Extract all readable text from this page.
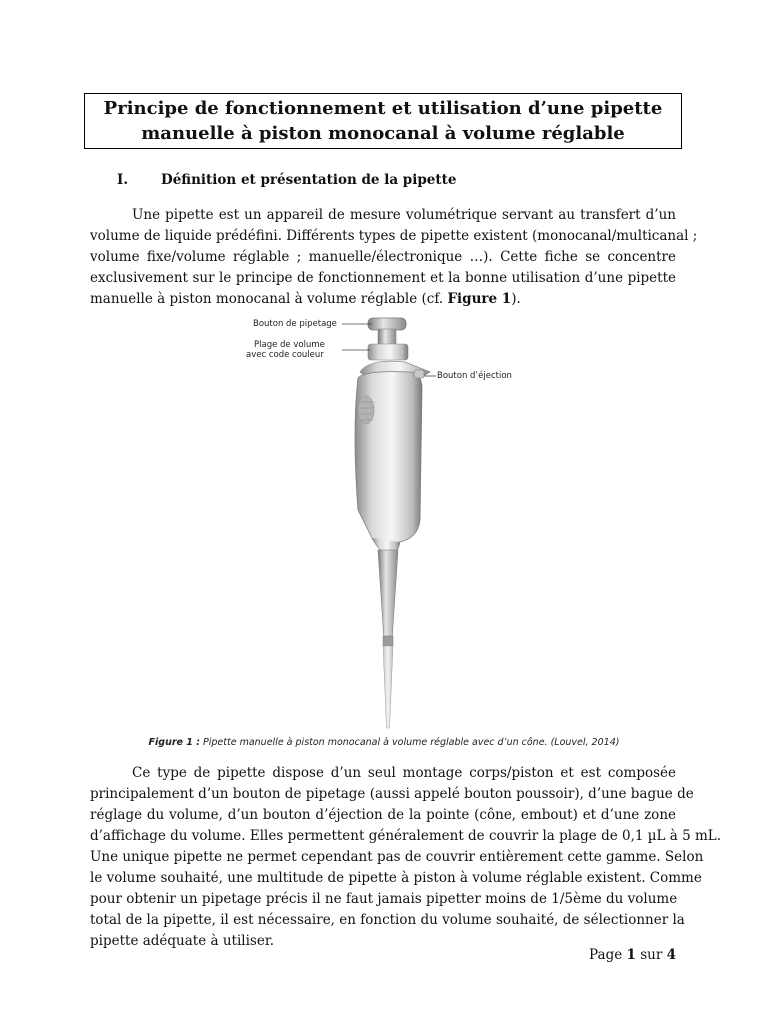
Principe de fonctionnement et utilisation d’une pipette
manuelle à piston monocanal à volume réglable
I. Définition et présentation de la pipette
Une pipette est un appareil de mesure volumétrique servant au transfert d’un
volume de liquide prédéfini. Différents types de pipette existent (monocanal/multicanal ;
volume fixe/volume réglable ; manuelle/électronique …). Cette fiche se concentre
exclusivement sur le principe de fonctionnement et la bonne utilisation d’une pipette
manuelle à piston monocanal à volume réglable (cf. Figure 1).
Bouton de pipetage
Plage de volume
avec code couleur
Bouton d’éjection
Figure 1 : Pipette manuelle à piston monocanal à volume réglable avec d’un cône. (Louvel, 2014)
Ce type de pipette dispose d’un seul montage corps/piston et est composée
principalement d’un bouton de pipetage (aussi appelé bouton poussoir), d’une bague de
réglage du volume, d’un bouton d’éjection de la pointe (cône, embout) et d’une zone
d’affichage du volume. Elles permettent généralement de couvrir la plage de 0,1 µL à 5 mL.
Une unique pipette ne permet cependant pas de couvrir entièrement cette gamme. Selon
le volume souhaité, une multitude de pipette à piston à volume réglable existent. Comme
pour obtenir un pipetage précis il ne faut jamais pipetter moins de 1/5ème du volume
total de la pipette, il est nécessaire, en fonction du volume souhaité, de sélectionner la
pipette adéquate à utiliser.
Page 1 sur 4
